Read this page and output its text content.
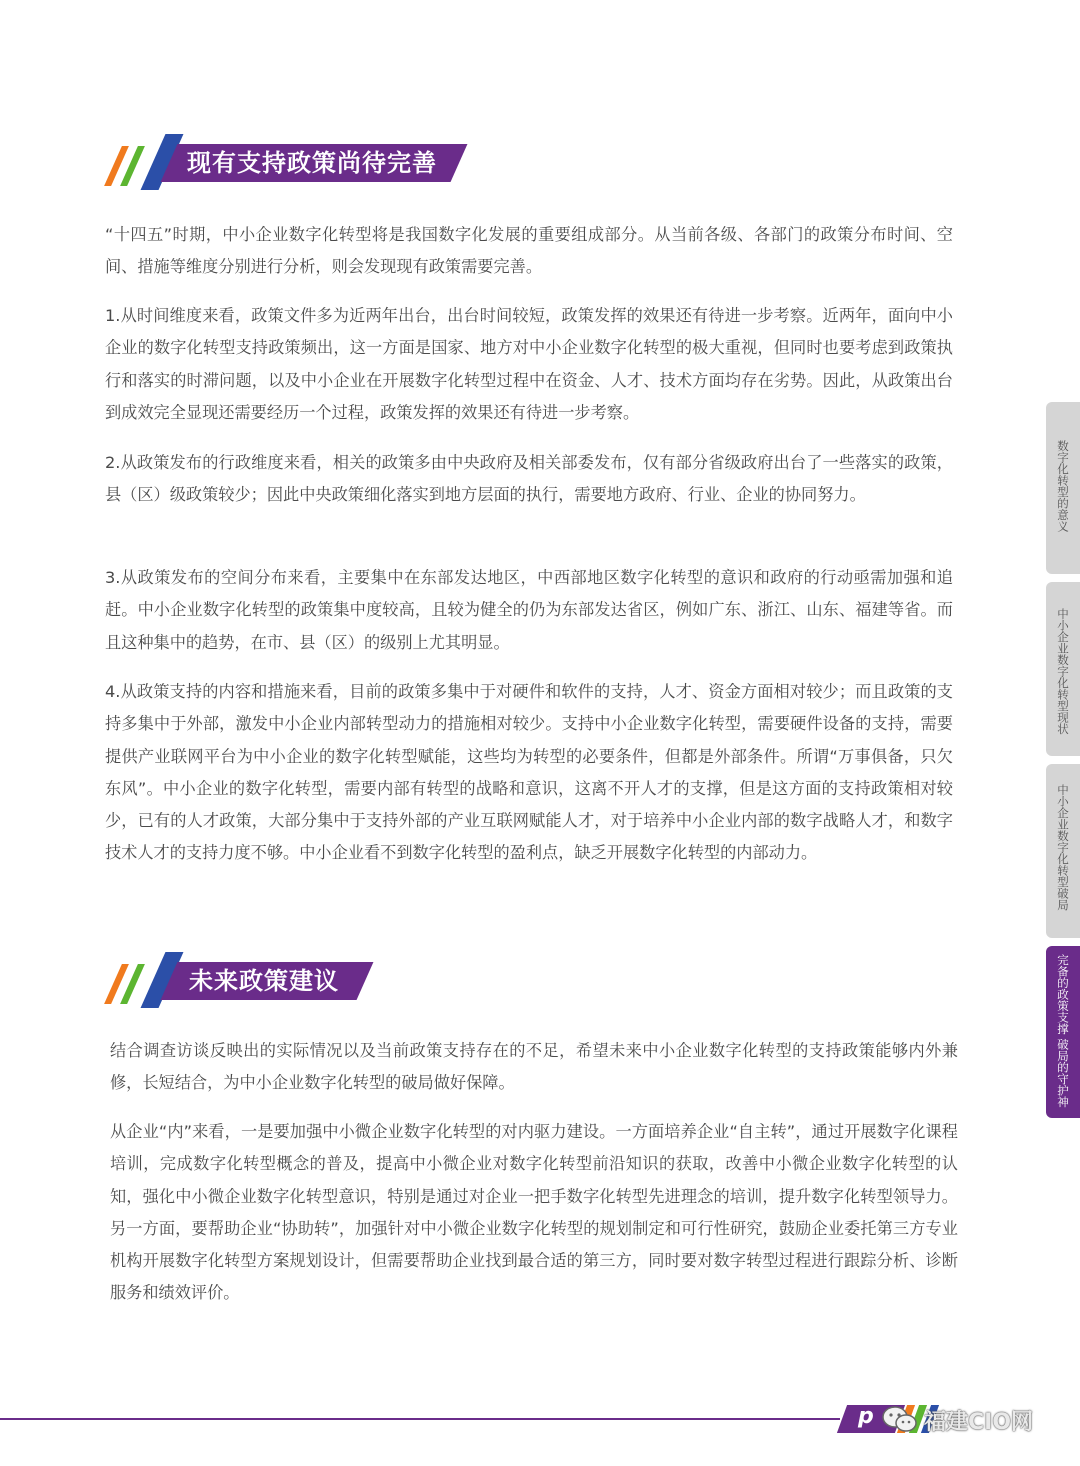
现有支持政策尚待完善

“十四五”时期，中小企业数字化转型将是我国数字化发展的重要组成部分。从当前各级、各部门的政策分布时间、空间、措施等维度分别进行分析，则会发现现有政策需要完善。

1.从时间维度来看，政策文件多为近两年出台，出台时间较短，政策发挥的效果还有待进一步考察。近两年，面向中小企业的数字化转型支持政策频出，这一方面是国家、地方对中小企业数字化转型的极大重视，但同时也要考虑到政策执行和落实的时滞问题，以及中小企业在开展数字化转型过程中在资金、人才、技术方面均存在劣势。因此，从政策出台到成效完全显现还需要经历一个过程，政策发挥的效果还有待进一步考察。

2.从政策发布的行政维度来看，相关的政策多由中央政府及相关部委发布，仅有部分省级政府出台了一些落实的政策，县（区）级政策较少；因此中央政策细化落实到地方层面的执行，需要地方政府、行业、企业的协同努力。

3.从政策发布的空间分布来看，主要集中在东部发达地区，中西部地区数字化转型的意识和政府的行动亟需加强和追赶。中小企业数字化转型的政策集中度较高，且较为健全的仍为东部发达省区，例如广东、浙江、山东、福建等省。而且这种集中的趋势，在市、县（区）的级别上尤其明显。

4.从政策支持的内容和措施来看，目前的政策多集中于对硬件和软件的支持，人才、资金方面相对较少；而且政策的支持多集中于外部，激发中小企业内部转型动力的措施相对较少。支持中小企业数字化转型，需要硬件设备的支持，需要提供产业联网平台为中小企业的数字化转型赋能，这些均为转型的必要条件，但都是外部条件。所谓“万事俱备，只欠东风”。中小企业的数字化转型，需要内部有转型的战略和意识，这离不开人才的支撑，但是这方面的支持政策相对较少，已有的人才政策，大部分集中于支持外部的产业互联网赋能人才，对于培养中小企业内部的数字战略人才，和数字技术人才的支持力度不够。中小企业看不到数字化转型的盈利点，缺乏开展数字化转型的内部动力。

未来政策建议

结合调查访谈反映出的实际情况以及当前政策支持存在的不足，希望未来中小企业数字化转型的支持政策能够内外兼修，长短结合，为中小企业数字化转型的破局做好保障。

从企业“内”来看，一是要加强中小微企业数字化转型的对内驱力建设。一方面培养企业“自主转”，通过开展数字化课程培训，完成数字化转型概念的普及，提高中小微企业对数字化转型前沿知识的获取，改善中小微企业数字化转型的认知，强化中小微企业数字化转型意识，特别是通过对企业一把手数字化转型先进理念的培训，提升数字化转型领导力。另一方面，要帮助企业“协助转”，加强针对中小微企业数字化转型的规划制定和可行性研究，鼓励企业委托第三方专业机构开展数字化转型方案规划设计，但需要帮助企业找到最合适的第三方，同时要对数字转型过程进行跟踪分析、诊断服务和绩效评价。

数字化转型的意义
中小企业数字化转型现状
中小企业数字化转型破局
完备的政策支撑 破局的守护神
p 福建CIO网
